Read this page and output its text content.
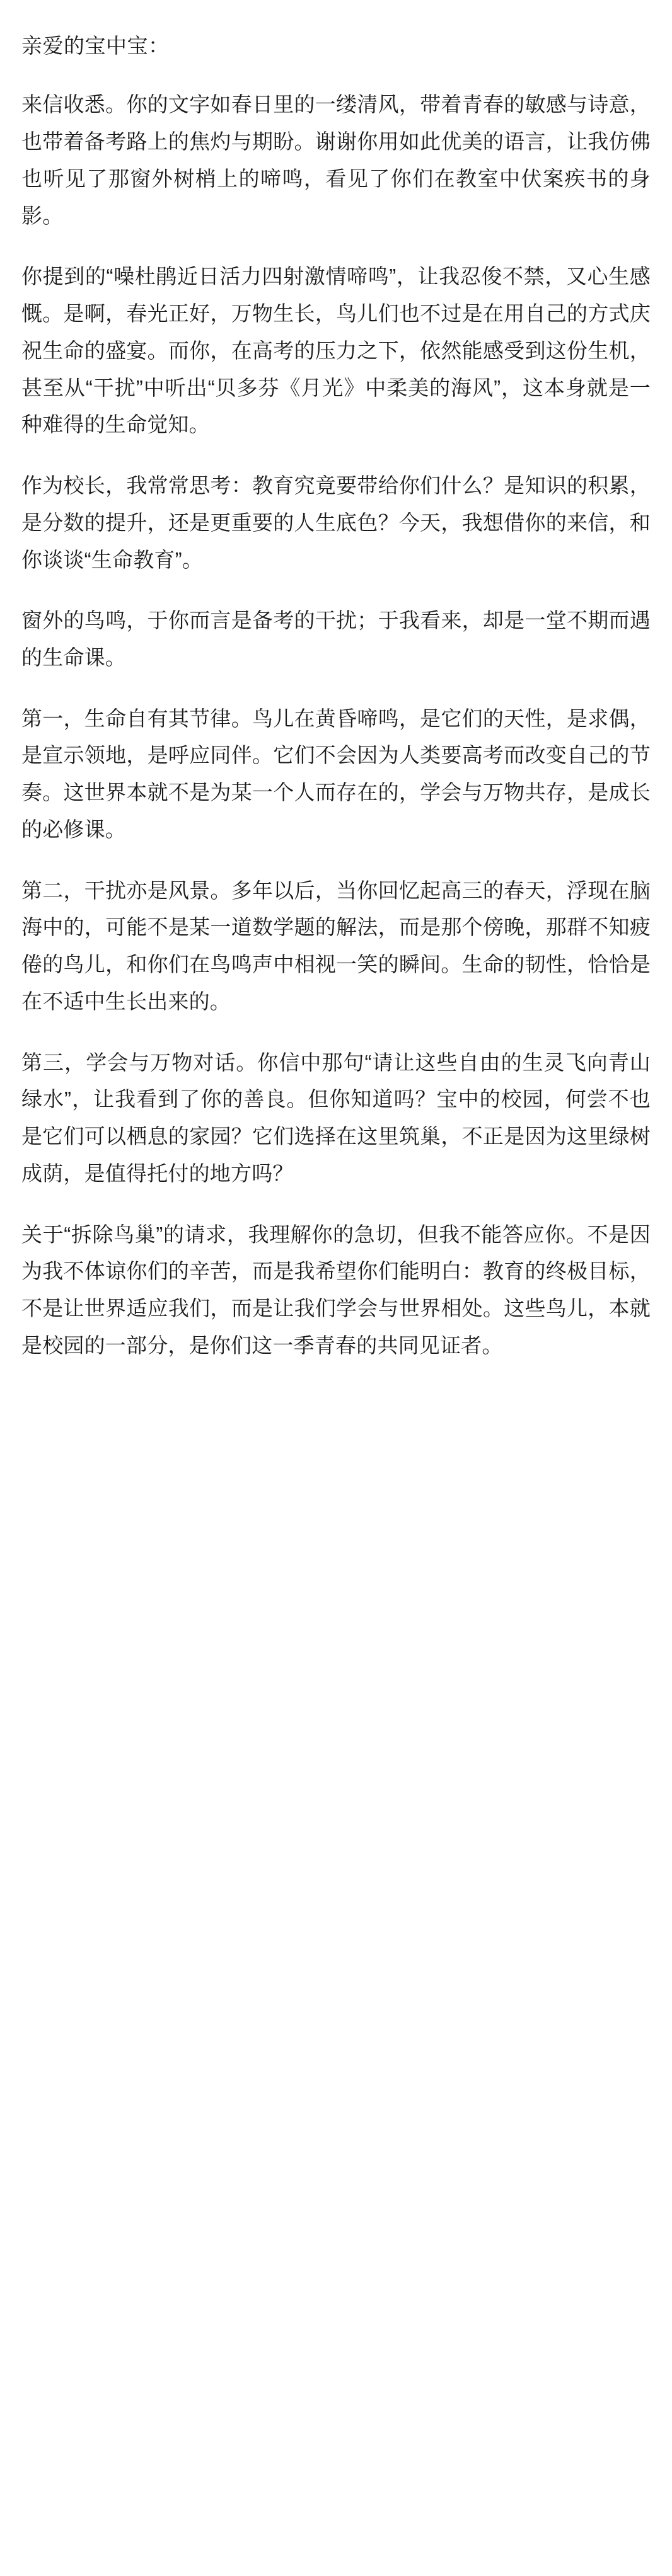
亲爱的宝中宝：

来信收悉。你的文字如春日里的一缕清风，带着青春的敏感与诗意，也带着备考路上的焦灼与期盼。谢谢你用如此优美的语言，让我仿佛也听见了那窗外树梢上的啼鸣，看见了你们在教室中伏案疾书的身影。

你提到的“噪杜鹃近日活力四射激情啼鸣”，让我忍俊不禁，又心生感慨。是啊，春光正好，万物生长，鸟儿们也不过是在用自己的方式庆祝生命的盛宴。而你，在高考的压力之下，依然能感受到这份生机，甚至从“干扰”中听出“贝多芬《月光》中柔美的海风”，这本身就是一种难得的生命觉知。

作为校长，我常常思考：教育究竟要带给你们什么？是知识的积累，是分数的提升，还是更重要的人生底色？今天，我想借你的来信，和你谈谈“生命教育”。

窗外的鸟鸣，于你而言是备考的干扰；于我看来，却是一堂不期而遇的生命课。

第一，生命自有其节律。鸟儿在黄昏啼鸣，是它们的天性，是求偶，是宣示领地，是呼应同伴。它们不会因为人类要高考而改变自己的节奏。这世界本就不是为某一个人而存在的，学会与万物共存，是成长的必修课。

第二，干扰亦是风景。多年以后，当你回忆起高三的春天，浮现在脑海中的，可能不是某一道数学题的解法，而是那个傍晚，那群不知疲倦的鸟儿，和你们在鸟鸣声中相视一笑的瞬间。生命的韧性，恰恰是在不适中生长出来的。

第三，学会与万物对话。你信中那句“请让这些自由的生灵飞向青山绿水”，让我看到了你的善良。但你知道吗？宝中的校园，何尝不也是它们可以栖息的家园？它们选择在这里筑巢，不正是因为这里绿树成荫，是值得托付的地方吗？

关于“拆除鸟巢”的请求，我理解你的急切，但我不能答应你。不是因为我不体谅你们的辛苦，而是我希望你们能明白：教育的终极目标，不是让世界适应我们，而是让我们学会与世界相处。这些鸟儿，本就是校园的一部分，是你们这一季青春的共同见证者。
